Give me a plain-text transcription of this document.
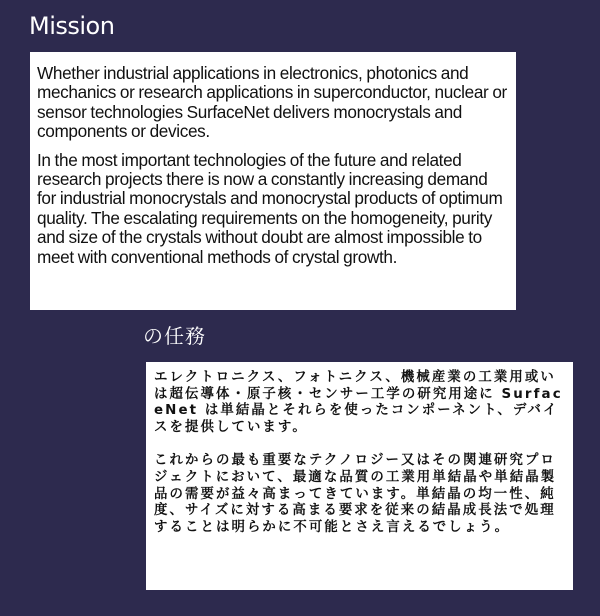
Mission

Whether industrial applications in electronics, photonics and mechanics or research applications in superconductor, nuclear or sensor technologies SurfaceNet delivers monocrystals and components or devices.

In the most important technologies of the future and related research projects there is now a constantly increasing demand for industrial monocrystals and monocrystal products of optimum quality. The escalating requirements on the homogeneity, purity and size of the crystals without doubt are almost impossible to meet with conventional methods of crystal growth.

の任務

エレクトロニクス、フォトニクス、機械産業の工業用或いは超伝導体・原子核・センサー工学の研究用途に SurfaceNet は単結晶とそれらを使ったコンポーネント、デバイスを提供しています。

これからの最も重要なテクノロジー又はその関連研究プロジェクトにおいて、最適な品質の工業用単結晶や単結晶製品の需要が益々高まってきています。単結晶の均一性、純度、サイズに対する高まる要求を従来の結晶成長法で処理することは明らかに不可能とさえ言えるでしょう。
